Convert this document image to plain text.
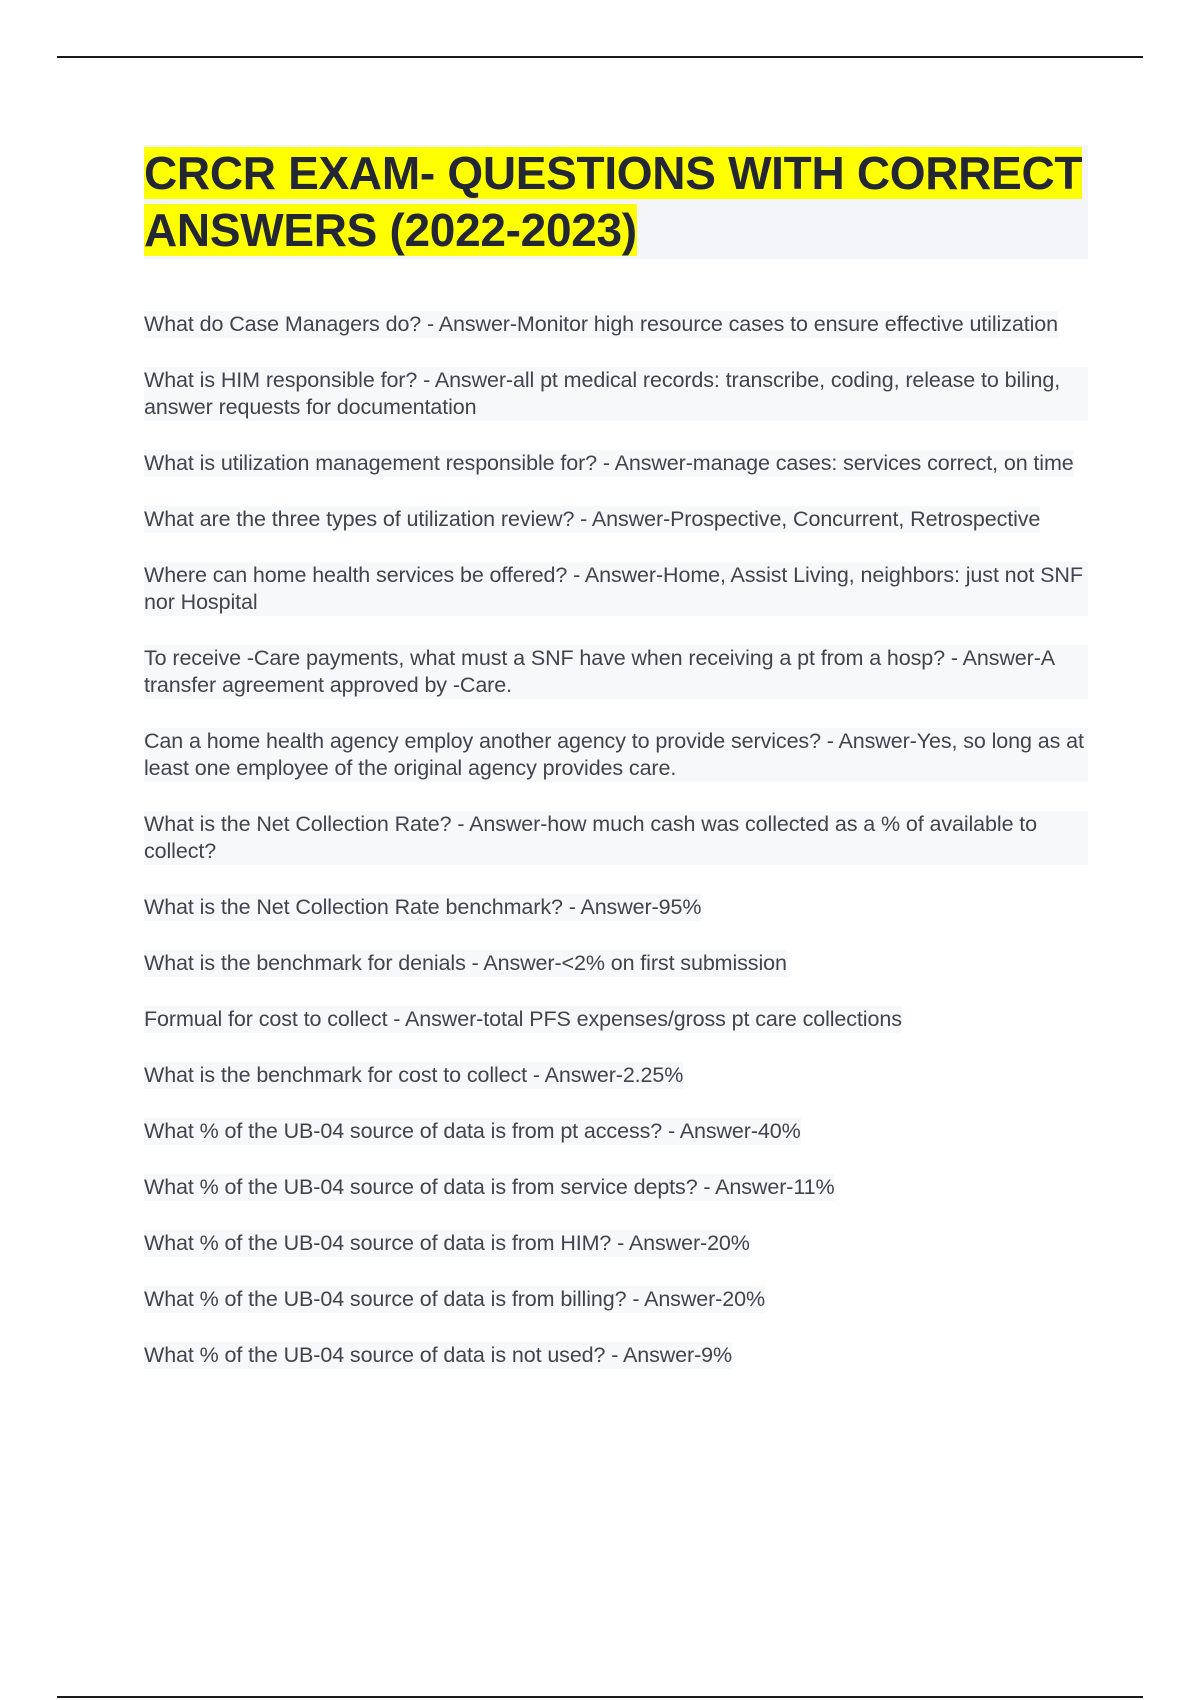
CRCR EXAM- QUESTIONS WITH CORRECT ANSWERS (2022-2023)
What do Case Managers do? - Answer-Monitor high resource cases to ensure effective utilization
What is HIM responsible for? - Answer-all pt medical records: transcribe, coding, release to biling, answer requests for documentation
What is utilization management responsible for? - Answer-manage cases: services correct, on time
What are the three types of utilization review? - Answer-Prospective, Concurrent, Retrospective
Where can home health services be offered? - Answer-Home, Assist Living, neighbors: just not SNF nor Hospital
To receive -Care payments, what must a SNF have when receiving a pt from a hosp? - Answer-A transfer agreement approved by -Care.
Can a home health agency employ another agency to provide services? - Answer-Yes, so long as at least one employee of the original agency provides care.
What is the Net Collection Rate? - Answer-how much cash was collected as a % of available to collect?
What is the Net Collection Rate benchmark? - Answer-95%
What is the benchmark for denials - Answer-<2% on first submission
Formual for cost to collect - Answer-total PFS expenses/gross pt care collections
What is the benchmark for cost to collect - Answer-2.25%
What % of the UB-04 source of data is from pt access? - Answer-40%
What % of the UB-04 source of data is from service depts? - Answer-11%
What % of the UB-04 source of data is from HIM? - Answer-20%
What % of the UB-04 source of data is from billing? - Answer-20%
What % of the UB-04 source of data is not used? - Answer-9%
